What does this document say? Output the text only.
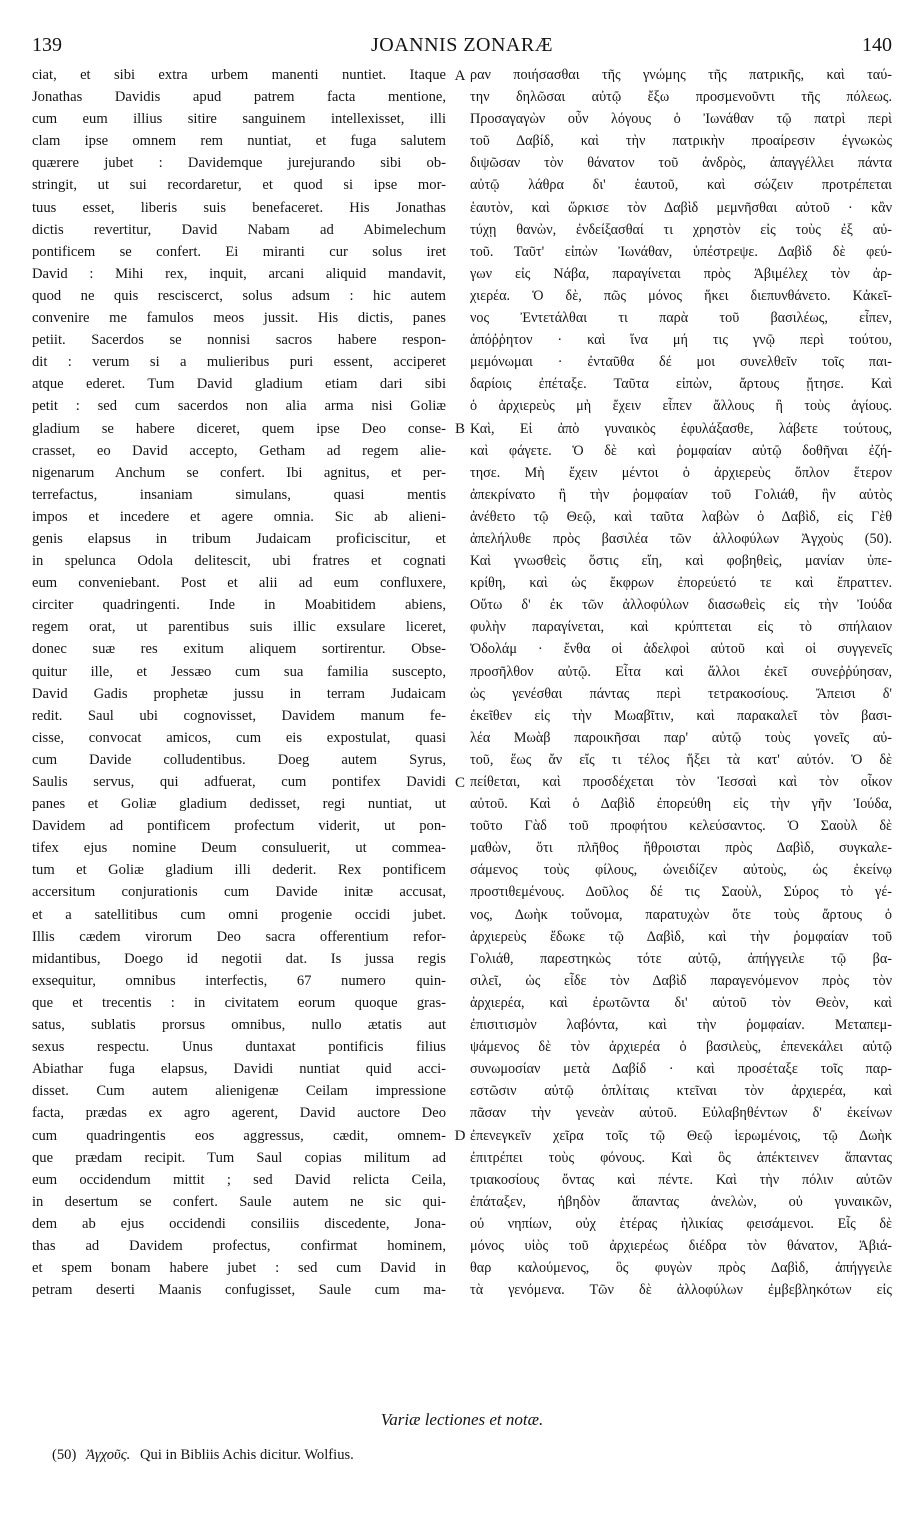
139	JOANNIS ZONARÆ	140
ciat, et sibi extra urbem manenti nuntiet. Itaque
Jonathas Davidis apud patrem facta mentione,
cum eum illius sitire sanguinem intellexisset, illi
clam ipse omnem rem nuntiat, et fuga salutem
quærere jubet : Davidemque jurejurando sibi ob-
stringit, ut sui recordaretur, et quod si ipse mor-
tuus esset, liberis suis benefaceret. His Jonathas
dictis revertitur, David Nabam ad Abimelechum
pontificem se confert. Ei miranti cur solus iret
David : Mihi rex, inquit, arcani aliquid mandavit,
quod ne quis resciscerct, solus adsum : hic autem
convenire me famulos meos jussit. His dictis, panes
petiit. Sacerdos se nonnisi sacros habere respon-
dit : verum si a mulieribus puri essent, acciperet
atque ederet. Tum David gladium etiam dari sibi
petit : sed cum sacerdos non alia arma nisi Goliæ
gladium se habere diceret, quem ipse Deo conse-
crasset, eo David accepto, Getham ad regem alie-
nigenarum Anchum se confert. Ibi agnitus, et per-
terrefactus, insaniam simulans, quasi mentis
impos et incedere et agere omnia. Sic ab alieni-
genis elapsus in tribum Judaicam proficiscitur, et
in spelunca Odola delitescit, ubi fratres et cognati
eum conveniebant. Post et alii ad eum confluxere,
circiter quadringenti. Inde in Moabitidem abiens,
regem orat, ut parentibus suis illic exsulare liceret,
donec suæ res exitum aliquem sortirentur. Obse-
quitur ille, et Jessæo cum sua familia suscepto,
David Gadis prophetæ jussu in terram Judaicam
redit. Saul ubi cognovisset, Davidem manum fe-
cisse, convocat amicos, cum eis expostulat, quasi
cum Davide colludentibus. Doeg autem Syrus,
Saulis servus, qui adfuerat, cum pontifex Davidi
panes et Goliæ gladium dedisset, regi nuntiat, ut
Davidem ad pontificem profectum viderit, ut pon-
tifex ejus nomine Deum consuluerit, ut commea-
tum et Goliæ gladium illi dederit. Rex pontificem
accersitum conjurationis cum Davide initæ accusat,
et a satellitibus cum omni progenie occidi jubet.
Illis cædem virorum Deo sacra offerentium refor-
midantibus, Doego id negotii dat. Is jussa regis
exsequitur, omnibus interfectis, 67 numero quin-
que et trecentis : in civitatem eorum quoque gras-
satus, sublatis prorsus omnibus, nullo ætatis aut
sexus respectu. Unus duntaxat pontificis filius
Abiathar fuga elapsus, Davidi nuntiat quid acci-
disset. Cum autem alienigenæ Ceilam impressione
facta, prædas ex agro agerent, David auctore Deo
cum quadringentis eos aggressus, cædit, omnem-
que prædam recipit. Tum Saul copias militum ad
eum occidendum mittit ; sed David relicta Ceila,
in desertum se confert. Saule autem ne sic qui-
dem ab ejus occidendi consiliis discedente, Jona-
thas ad Davidem profectus, confirmat hominem,
et spem bonam habere jubet : sed cum David in
petram deserti Maanis confugisset, Saule cum ma-
A
B
C
D
ραν ποιήσασθαι τῆς γνώμης τῆς πατρικῆς, καὶ ταύ-
την δηλῶσαι αὐτῷ ἔξω προσμενοῦντι τῆς πόλεως.
Προσαγαγὼν οὖν λόγους ὁ Ἰωνάθαν τῷ πατρὶ περὶ
τοῦ Δαβίδ, καὶ τὴν πατρικὴν προαίρεσιν ἐγνωκὼς
διψῶσαν τὸν θάνατον τοῦ ἀνδρὸς, ἀπαγγέλλει πάντα
αὐτῷ λάθρα δι' ἑαυτοῦ, καὶ σώζειν προτρέπεται
ἑαυτὸν, καὶ ὥρκισε τὸν Δαβὶδ μεμνῆσθαι αὐτοῦ · κἂν
τύχῃ θανὼν, ἐνδείξασθαί τι χρηστὸν εἰς τοὺς ἐξ αὐ-
τοῦ. Ταῦτ' εἰπὼν Ἰωνάθαν, ὑπέστρεψε. Δαβὶδ δὲ φεύ-
γων εἰς Νάβα, παραγίνεται πρὸς Ἀβιμέλεχ τὸν ἀρ-
χιερέα. Ὁ δὲ, πῶς μόνος ἥκει διεπυνθάνετο. Κἀκεῖ-
νος Ἐντετάλθαι τι παρὰ τοῦ βασιλέως, εἶπεν,
ἀπόῤῥητον · καὶ ἵνα μή τις γνῷ περὶ τούτου,
μεμόνωμαι · ἐνταῦθα δέ μοι συνελθεῖν τοῖς παι-
δαρίοις ἐπέταξε. Ταῦτα εἰπὼν, ἄρτους ᾔτησε. Καὶ
ὁ ἀρχιερεὺς μὴ ἔχειν εἶπεν ἄλλους ἢ τοὺς ἁγίους.
Καὶ, Εἰ ἀπὸ γυναικὸς ἐφυλάξασθε, λάβετε τούτους,
καὶ φάγετε. Ὁ δὲ καὶ ῥομφαίαν αὐτῷ δοθῆναι ἐζή-
τησε. Μὴ ἔχειν μέντοι ὁ ἀρχιερεὺς ὅπλον ἕτερον
ἀπεκρίνατο ἢ τὴν ῥομφαίαν τοῦ Γολιάθ, ἣν αὐτὸς
ἀνέθετο τῷ Θεῷ, καὶ ταῦτα λαβὼν ὁ Δαβὶδ, εἰς Γὲθ
ἀπελήλυθε πρὸς βασιλέα τῶν ἀλλοφύλων Ἀγχοὺς (50).
Καὶ γνωσθεὶς ὅστις εἴη, καὶ φοβηθεὶς, μανίαν ὑπε-
κρίθη, καὶ ὡς ἔκφρων ἐπορεύετό τε καὶ ἔπραττεν.
Οὕτω δ' ἐκ τῶν ἀλλοφύλων διασωθεὶς εἰς τὴν Ἰούδα
φυλὴν παραγίνεται, καὶ κρύπτεται εἰς τὸ σπήλαιον
Ὀδολάμ · ἔνθα οἱ ἀδελφοὶ αὐτοῦ καὶ οἱ συγγενεῖς
προσῆλθον αὐτῷ. Εἶτα καὶ ἄλλοι ἐκεῖ συνεῤῥύησαν,
ὡς γενέσθαι πάντας περὶ τετρακοσίους. Ἄπεισι δ'
ἐκεῖθεν εἰς τὴν Μωαβῖτιν, καὶ παρακαλεῖ τὸν βασι-
λέα Μωὰβ παροικῆσαι παρ' αὐτῷ τοὺς γονεῖς αὐ-
τοῦ, ἕως ἄν εἴς τι τέλος ἥξει τὰ κατ' αὐτόν. Ὁ δὲ
πείθεται, καὶ προσδέχεται τὸν Ἰεσσαὶ καὶ τὸν οἶκον
αὐτοῦ. Καὶ ὁ Δαβὶδ ἐπορεύθη εἰς τὴν γῆν Ἰούδα,
τοῦτο Γὰδ τοῦ προφήτου κελεύσαντος. Ὁ Σαοὺλ δὲ
μαθὼν, ὅτι πλῆθος ἤθροισται πρὸς Δαβὶδ, συγκαλε-
σάμενος τοὺς φίλους, ὠνειδίζεν αὐτοὺς, ὡς ἐκείνῳ
προστιθεμένους. Δοῦλος δέ τις Σαοὺλ, Σύρος τὸ γέ-
νος, Δωὴκ τοὔνομα, παρατυχὼν ὅτε τοὺς ἄρτους ὁ
ἀρχιερεὺς ἔδωκε τῷ Δαβὶδ, καὶ τὴν ῥομφαίαν τοῦ
Γολιάθ, παρεστηκὼς τότε αὐτῷ, ἀπήγγειλε τῷ βα-
σιλεῖ, ὡς εἶδε τὸν Δαβὶδ παραγενόμενον πρὸς τὸν
ἀρχιερέα, καὶ ἐρωτῶντα δι' αὐτοῦ τὸν Θεὸν, καὶ
ἐπισιτισμὸν λαβόντα, καὶ τὴν ῥομφαίαν. Μεταπεμ-
ψάμενος δὲ τὸν ἀρχιερέα ὁ βασιλεὺς, ἐπενεκάλει αὐτῷ
συνωμοσίαν μετὰ Δαβίδ · καὶ προσέταξε τοῖς παρ-
εστῶσιν αὐτῷ ὁπλίταις κτεῖναι τὸν ἀρχιερέα, καὶ
πᾶσαν τὴν γενεὰν αὐτοῦ. Εὐλαβηθέντων δ' ἐκείνων
ἐπενεγκεῖν χεῖρα τοῖς τῷ Θεῷ ἱερωμένοις, τῷ Δωὴκ
ἐπιτρέπει τοὺς φόνους. Καὶ ὃς ἀπέκτεινεν ἅπαντας
τριακοσίους ὄντας καὶ πέντε. Καὶ τὴν πόλιν αὐτῶν
ἐπάταξεν, ἡβηδὸν ἅπαντας ἀνελὼν, οὐ γυναικῶν,
οὐ νηπίων, οὐχ ἑτέρας ἡλικίας φεισάμενοι. Εἷς δὲ
μόνος υἱὸς τοῦ ἀρχιερέως διέδρα τὸν θάνατον, Ἀβιά-
θαρ καλούμενος, ὃς φυγὼν πρὸς Δαβὶδ, ἀπήγγειλε
τὰ γενόμενα. Τῶν δὲ ἀλλοφύλων ἐμβεβληκότων εἰς
Variæ lectiones et notæ.
(50) Ἀγχοῦς. Qui in Bibliis Achis dicitur. Wolfius.
